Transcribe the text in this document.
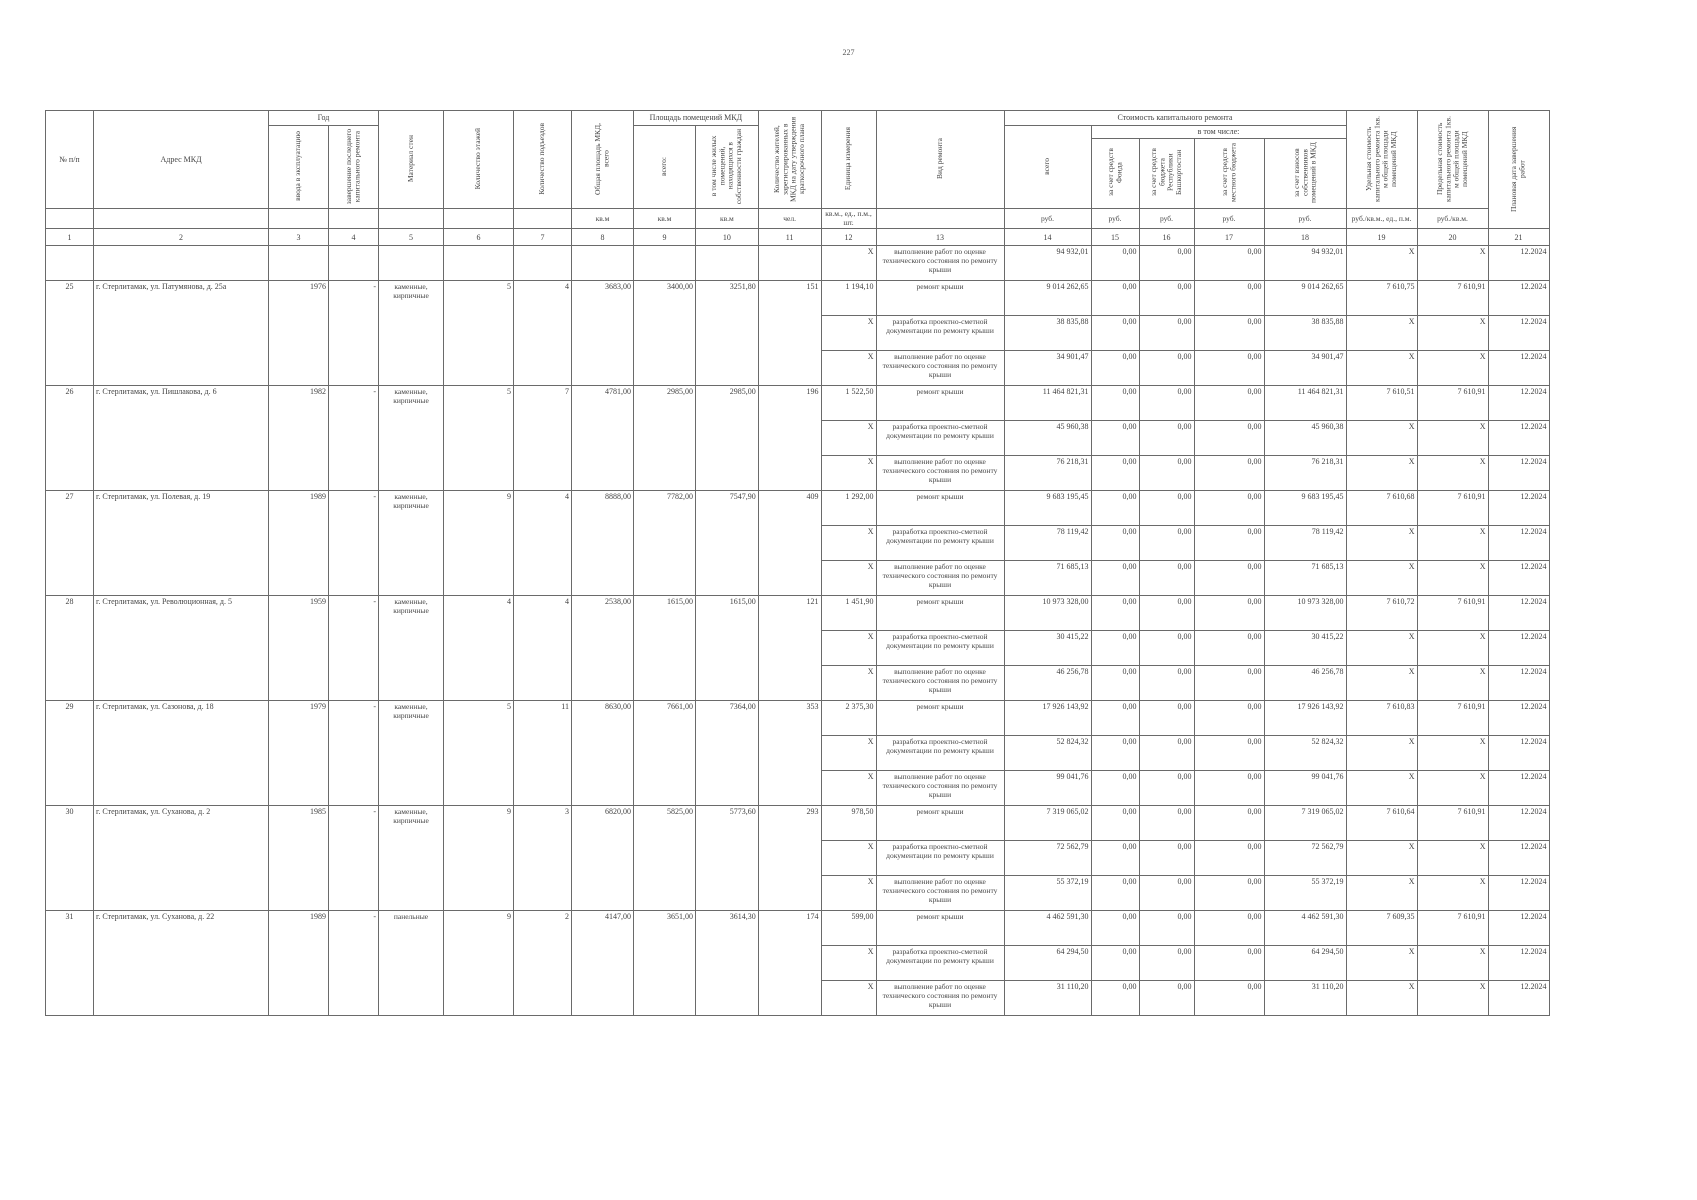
227
№ п/п	Адрес МКД	Год		Материал стен	Количество этажей	Количество подъездов	Общая площадь МКД, всего	Площадь помещений МКД		Количество жителей, зарегистрированных в МКД на дату утверждения краткосрочного плана	Единица измерения	Вид ремонта	Стоимость капитального ремонта					Удельная стоимость капитального ремонта 1кв. м общей площади помещений МКД	Предельная стоимость капитального ремонта 1кв. м общей площади помещений МКД	Плановая дата завершения работ
		ввода в эксплуатацию	завершение последнего капитального ремонта					всего:	в том числе жилых помещений, находящихся в собственности граждан				всего	в том числе:						
														за счет средств Фонда	за счет средств бюджета Республики Башкортостан	за счет средств местного бюджета	за счет взносов собственников помещений в МКД			
							кв.м	кв.м	кв.м	чел.	кв.м., ед., п.м., шт.		руб.	руб.	руб.	руб.	руб.	руб./кв.м., ед., п.м.	руб./кв.м.	
1	2	3	4	5	6	7	8	9	10	11	12	13	14	15	16	17	18	19	20	21
											X	выполнение работ по оценке технического состояния по ремонту крыши	94 932,01	0,00	0,00	0,00	94 932,01	X	X	12.2024
25	г. Стерлитамак, ул. Патумянова, д. 25а	1976	-	каменные, кирпичные	5	4	3683,00	3400,00	3251,80	151	1 194,10	ремонт крыши	9 014 262,65	0,00	0,00	0,00	9 014 262,65	7 610,75	7 610,91	12.2024
											X	разработка проектно-сметной документации по ремонту крыши	38 835,88	0,00	0,00	0,00	38 835,88	X	X	12.2024
											X	выполнение работ по оценке технического состояния по ремонту крыши	34 901,47	0,00	0,00	0,00	34 901,47	X	X	12.2024
26	г. Стерлитамак, ул. Пишлакова, д. 6	1982	-	каменные, кирпичные	5	7	4781,00	2985,00	2985,00	196	1 522,50	ремонт крыши	11 464 821,31	0,00	0,00	0,00	11 464 821,31	7 610,51	7 610,91	12.2024
											X	разработка проектно-сметной документации по ремонту крыши	45 960,38	0,00	0,00	0,00	45 960,38	X	X	12.2024
											X	выполнение работ по оценке технического состояния по ремонту крыши	76 218,31	0,00	0,00	0,00	76 218,31	X	X	12.2024
27	г. Стерлитамак, ул. Полевая, д. 19	1989	-	каменные, кирпичные	9	4	8888,00	7782,00	7547,90	409	1 292,00	ремонт крыши	9 683 195,45	0,00	0,00	0,00	9 683 195,45	7 610,68	7 610,91	12.2024
											X	разработка проектно-сметной документации по ремонту крыши	78 119,42	0,00	0,00	0,00	78 119,42	X	X	12.2024
											X	выполнение работ по оценке технического состояния по ремонту крыши	71 685,13	0,00	0,00	0,00	71 685,13	X	X	12.2024
28	г. Стерлитамак, ул. Революционная, д. 5	1959	-	каменные, кирпичные	4	4	2538,00	1615,00	1615,00	121	1 451,90	ремонт крыши	10 973 328,00	0,00	0,00	0,00	10 973 328,00	7 610,72	7 610,91	12.2024
											X	разработка проектно-сметной документации по ремонту крыши	30 415,22	0,00	0,00	0,00	30 415,22	X	X	12.2024
											X	выполнение работ по оценке технического состояния по ремонту крыши	46 256,78	0,00	0,00	0,00	46 256,78	X	X	12.2024
29	г. Стерлитамак, ул. Сазонова, д. 18	1979	-	каменные, кирпичные	5	11	8630,00	7661,00	7364,00	353	2 375,30	ремонт крыши	17 926 143,92	0,00	0,00	0,00	17 926 143,92	7 610,83	7 610,91	12.2024
											X	разработка проектно-сметной документации по ремонту крыши	52 824,32	0,00	0,00	0,00	52 824,32	X	X	12.2024
											X	выполнение работ по оценке технического состояния по ремонту крыши	99 041,76	0,00	0,00	0,00	99 041,76	X	X	12.2024
30	г. Стерлитамак, ул. Суханова, д. 2	1985	-	каменные, кирпичные	9	3	6820,00	5825,00	5773,60	293	978,50	ремонт крыши	7 319 065,02	0,00	0,00	0,00	7 319 065,02	7 610,64	7 610,91	12.2024
											X	разработка проектно-сметной документации по ремонту крыши	72 562,79	0,00	0,00	0,00	72 562,79	X	X	12.2024
											X	выполнение работ по оценке технического состояния по ремонту крыши	55 372,19	0,00	0,00	0,00	55 372,19	X	X	12.2024
31	г. Стерлитамак, ул. Суханова, д. 22	1989	-	панельные	9	2	4147,00	3651,00	3614,30	174	599,00	ремонт крыши	4 462 591,30	0,00	0,00	0,00	4 462 591,30	7 609,35	7 610,91	12.2024
											X	разработка проектно-сметной документации по ремонту крыши	64 294,50	0,00	0,00	0,00	64 294,50	X	X	12.2024
											X	выполнение работ по оценке технического состояния по ремонту крыши	31 110,20	0,00	0,00	0,00	31 110,20	X	X	12.2024
